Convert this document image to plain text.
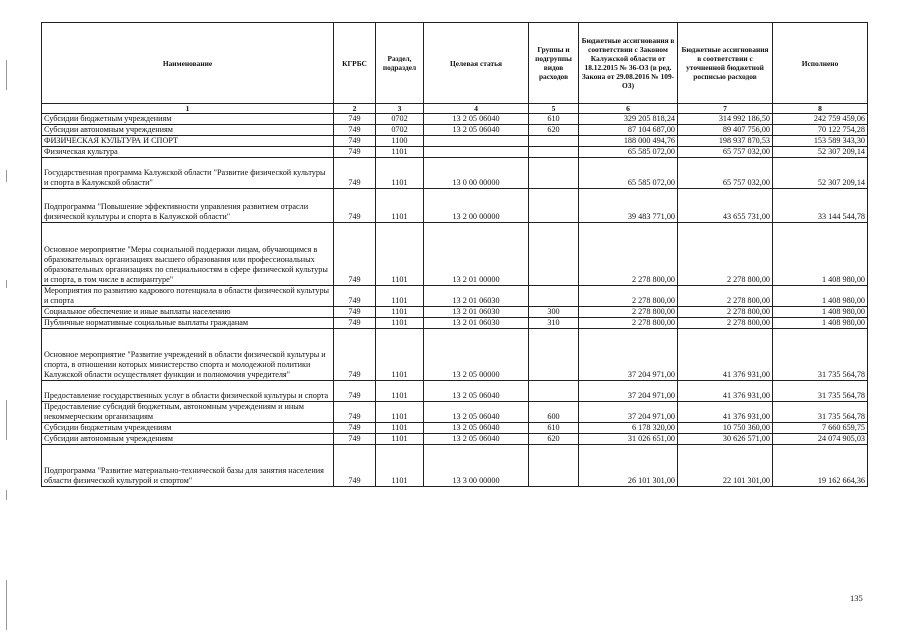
Наименование	КГРБС	Раздел, подраздел	Целевая статья	Группы и подгруппы видов расходов	Бюджетные ассигнования в соответствии с Законом Калужской области от 18.12.2015 № 36-ОЗ (в ред. Закона от 29.08.2016 № 109-ОЗ)	Бюджетные ассигнования в соответствии с уточненной бюджетной росписью расходов	Исполнено
1	2	3	4	5	6	7	8
Субсидии бюджетным учреждениям	749	0702	13 2 05 06040	610	329 205 818,24	314 992 186,50	242 759 459,06
Субсидии автономным учреждениям	749	0702	13 2 05 06040	620	87 104 687,00	89 407 756,00	70 122 754,28
ФИЗИЧЕСКАЯ КУЛЬТУРА И СПОРТ	749	1100			188 000 494,76	198 937 870,53	153 589 343,30
Физическая культура	749	1101			65 585 072,00	65 757 032,00	52 307 209,14
Государственная программа Калужской области "Развитие физической культуры и спорта в Калужской области"	749	1101	13 0 00 00000		65 585 072,00	65 757 032,00	52 307 209,14
Подпрограмма "Повышение эффективности управления развитием отрасли физической культуры и спорта в Калужской области"	749	1101	13 2 00 00000		39 483 771,00	43 655 731,00	33 144 544,78
Основное мероприятие "Меры социальной поддержки лицам, обучающимся в образовательных организациях высшего образования или профессиональных образовательных организациях по специальностям в сфере физической культуры и спорта, в том числе в аспирантуре"	749	1101	13 2 01 00000		2 278 800,00	2 278 800,00	1 408 980,00
Мероприятия по развитию кадрового потенциала в области физической культуры и спорта	749	1101	13 2 01 06030		2 278 800,00	2 278 800,00	1 408 980,00
Социальное обеспечение и иные выплаты населению	749	1101	13 2 01 06030	300	2 278 800,00	2 278 800,00	1 408 980,00
Публичные нормативные социальные выплаты гражданам	749	1101	13 2 01 06030	310	2 278 800,00	2 278 800,00	1 408 980,00
Основное мероприятие "Развитие учреждений в области физической культуры и спорта, в отношении которых министерство спорта и молодежной политики Калужской области осуществляет функции и полномочия учредителя"	749	1101	13 2 05 00000		37 204 971,00	41 376 931,00	31 735 564,78
Предоставление государственных услуг в области физической культуры и спорта	749	1101	13 2 05 06040		37 204 971,00	41 376 931,00	31 735 564,78
Предоставление субсидий бюджетным, автономным учреждениям и иным некоммерческим организациям	749	1101	13 2 05 06040	600	37 204 971,00	41 376 931,00	31 735 564,78
Субсидии бюджетным учреждениям	749	1101	13 2 05 06040	610	6 178 320,00	10 750 360,00	7 660 659,75
Субсидии автономным учреждениям	749	1101	13 2 05 06040	620	31 026 651,00	30 626 571,00	24 074 905,03
Подпрограмма "Развитие материально-технической базы для занятия населения области физической культурой и спортом"	749	1101	13 3 00 00000		26 101 301,00	22 101 301,00	19 162 664,36
135
